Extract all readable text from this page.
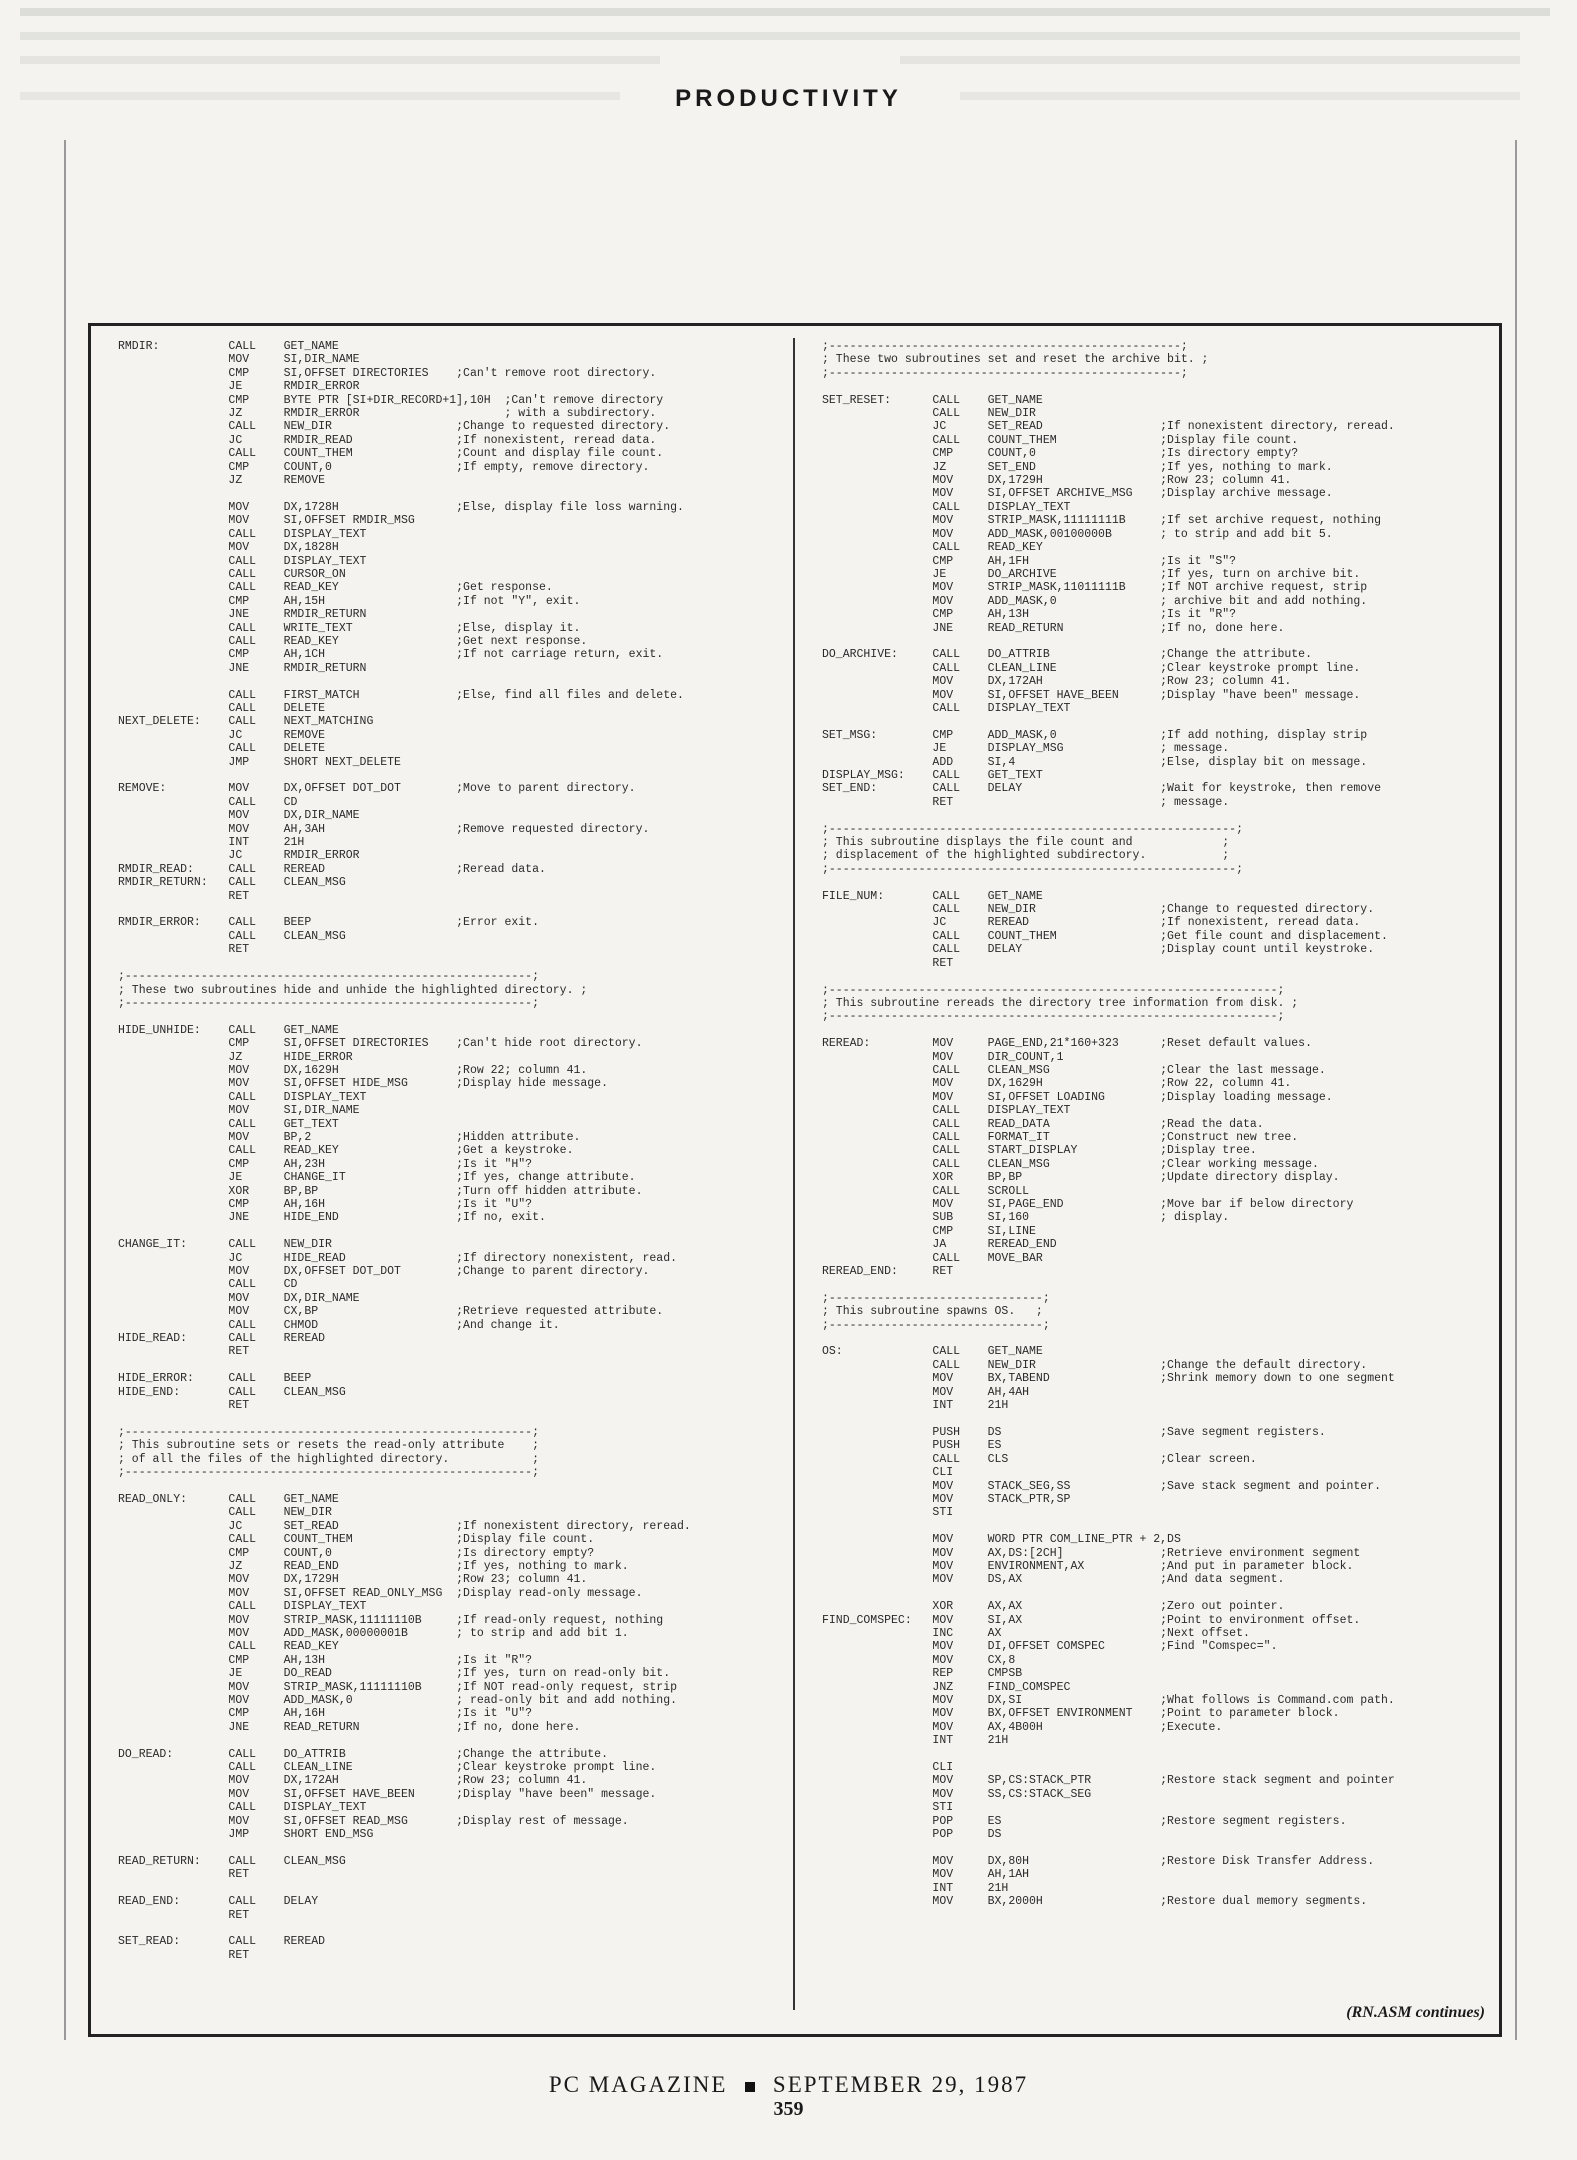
PRODUCTIVITY
RMDIR:          CALL    GET_NAME
MOV     SI,DIR_NAME
CMP     SI,OFFSET DIRECTORIES    ;Can't remove root directory.
JE      RMDIR_ERROR
CMP     BYTE PTR [SI+DIR_RECORD+1],10H  ;Can't remove directory
JZ      RMDIR_ERROR                     ; with a subdirectory.
CALL    NEW_DIR                  ;Change to requested directory.
JC      RMDIR_READ               ;If nonexistent, reread data.
CALL    COUNT_THEM               ;Count and display file count.
CMP     COUNT,0                  ;If empty, remove directory.
JZ      REMOVE

MOV     DX,1728H                 ;Else, display file loss warning.
MOV     SI,OFFSET RMDIR_MSG
CALL    DISPLAY_TEXT
MOV     DX,1828H
CALL    DISPLAY_TEXT
CALL    CURSOR_ON
CALL    READ_KEY                 ;Get response.
CMP     AH,15H                   ;If not "Y", exit.
JNE     RMDIR_RETURN
CALL    WRITE_TEXT               ;Else, display it.
CALL    READ_KEY                 ;Get next response.
CMP     AH,1CH                   ;If not carriage return, exit.
JNE     RMDIR_RETURN

CALL    FIRST_MATCH              ;Else, find all files and delete.
CALL    DELETE
NEXT_DELETE:    CALL    NEXT_MATCHING
JC      REMOVE
CALL    DELETE
JMP     SHORT NEXT_DELETE

REMOVE:         MOV     DX,OFFSET DOT_DOT        ;Move to parent directory.
CALL    CD
MOV     DX,DIR_NAME
MOV     AH,3AH                   ;Remove requested directory.
INT     21H
JC      RMDIR_ERROR
RMDIR_READ:     CALL    REREAD                   ;Reread data.
RMDIR_RETURN:   CALL    CLEAN_MSG
RET

RMDIR_ERROR:    CALL    BEEP                     ;Error exit.
CALL    CLEAN_MSG
RET

;-----------------------------------------------------------;
; These two subroutines hide and unhide the highlighted directory. ;
;-----------------------------------------------------------;

HIDE_UNHIDE:    CALL    GET_NAME
CMP     SI,OFFSET DIRECTORIES    ;Can't hide root directory.
JZ      HIDE_ERROR
MOV     DX,1629H                 ;Row 22; column 41.
MOV     SI,OFFSET HIDE_MSG       ;Display hide message.
CALL    DISPLAY_TEXT
MOV     SI,DIR_NAME
CALL    GET_TEXT
MOV     BP,2                     ;Hidden attribute.
CALL    READ_KEY                 ;Get a keystroke.
CMP     AH,23H                   ;Is it "H"?
JE      CHANGE_IT                ;If yes, change attribute.
XOR     BP,BP                    ;Turn off hidden attribute.
CMP     AH,16H                   ;Is it "U"?
JNE     HIDE_END                 ;If no, exit.

CHANGE_IT:      CALL    NEW_DIR
JC      HIDE_READ                ;If directory nonexistent, read.
MOV     DX,OFFSET DOT_DOT        ;Change to parent directory.
CALL    CD
MOV     DX,DIR_NAME
MOV     CX,BP                    ;Retrieve requested attribute.
CALL    CHMOD                    ;And change it.
HIDE_READ:      CALL    REREAD
RET

HIDE_ERROR:     CALL    BEEP
HIDE_END:       CALL    CLEAN_MSG
RET

;-----------------------------------------------------------;
; This subroutine sets or resets the read-only attribute    ;
; of all the files of the highlighted directory.            ;
;-----------------------------------------------------------;

READ_ONLY:      CALL    GET_NAME
CALL    NEW_DIR
JC      SET_READ                 ;If nonexistent directory, reread.
CALL    COUNT_THEM               ;Display file count.
CMP     COUNT,0                  ;Is directory empty?
JZ      READ_END                 ;If yes, nothing to mark.
MOV     DX,1729H                 ;Row 23; column 41.
MOV     SI,OFFSET READ_ONLY_MSG  ;Display read-only message.
CALL    DISPLAY_TEXT
MOV     STRIP_MASK,11111110B     ;If read-only request, nothing
MOV     ADD_MASK,00000001B       ; to strip and add bit 1.
CALL    READ_KEY
CMP     AH,13H                   ;Is it "R"?
JE      DO_READ                  ;If yes, turn on read-only bit.
MOV     STRIP_MASK,11111110B     ;If NOT read-only request, strip
MOV     ADD_MASK,0               ; read-only bit and add nothing.
CMP     AH,16H                   ;Is it "U"?
JNE     READ_RETURN              ;If no, done here.

DO_READ:        CALL    DO_ATTRIB                ;Change the attribute.
CALL    CLEAN_LINE               ;Clear keystroke prompt line.
MOV     DX,172AH                 ;Row 23; column 41.
MOV     SI,OFFSET HAVE_BEEN      ;Display "have been" message.
CALL    DISPLAY_TEXT
MOV     SI,OFFSET READ_MSG       ;Display rest of message.
JMP     SHORT END_MSG

READ_RETURN:    CALL    CLEAN_MSG
RET

READ_END:       CALL    DELAY
RET

SET_READ:       CALL    REREAD
RET
;---------------------------------------------------;
; These two subroutines set and reset the archive bit. ;
;---------------------------------------------------;

SET_RESET:      CALL    GET_NAME
CALL    NEW_DIR
JC      SET_READ                 ;If nonexistent directory, reread.
CALL    COUNT_THEM               ;Display file count.
CMP     COUNT,0                  ;Is directory empty?
JZ      SET_END                  ;If yes, nothing to mark.
MOV     DX,1729H                 ;Row 23; column 41.
MOV     SI,OFFSET ARCHIVE_MSG    ;Display archive message.
CALL    DISPLAY_TEXT
MOV     STRIP_MASK,11111111B     ;If set archive request, nothing
MOV     ADD_MASK,00100000B       ; to strip and add bit 5.
CALL    READ_KEY
CMP     AH,1FH                   ;Is it "S"?
JE      DO_ARCHIVE               ;If yes, turn on archive bit.
MOV     STRIP_MASK,11011111B     ;If NOT archive request, strip
MOV     ADD_MASK,0               ; archive bit and add nothing.
CMP     AH,13H                   ;Is it "R"?
JNE     READ_RETURN              ;If no, done here.

DO_ARCHIVE:     CALL    DO_ATTRIB                ;Change the attribute.
CALL    CLEAN_LINE               ;Clear keystroke prompt line.
MOV     DX,172AH                 ;Row 23; column 41.
MOV     SI,OFFSET HAVE_BEEN      ;Display "have been" message.
CALL    DISPLAY_TEXT

SET_MSG:        CMP     ADD_MASK,0               ;If add nothing, display strip
JE      DISPLAY_MSG              ; message.
ADD     SI,4                     ;Else, display bit on message.
DISPLAY_MSG:    CALL    GET_TEXT
SET_END:        CALL    DELAY                    ;Wait for keystroke, then remove
RET                              ; message.

;-----------------------------------------------------------;
; This subroutine displays the file count and             ;
; displacement of the highlighted subdirectory.           ;
;-----------------------------------------------------------;

FILE_NUM:       CALL    GET_NAME
CALL    NEW_DIR                  ;Change to requested directory.
JC      REREAD                   ;If nonexistent, reread data.
CALL    COUNT_THEM               ;Get file count and displacement.
CALL    DELAY                    ;Display count until keystroke.
RET

;-----------------------------------------------------------------;
; This subroutine rereads the directory tree information from disk. ;
;-----------------------------------------------------------------;

REREAD:         MOV     PAGE_END,21*160+323      ;Reset default values.
MOV     DIR_COUNT,1
CALL    CLEAN_MSG                ;Clear the last message.
MOV     DX,1629H                 ;Row 22, column 41.
MOV     SI,OFFSET LOADING        ;Display loading message.
CALL    DISPLAY_TEXT
CALL    READ_DATA                ;Read the data.
CALL    FORMAT_IT                ;Construct new tree.
CALL    START_DISPLAY            ;Display tree.
CALL    CLEAN_MSG                ;Clear working message.
XOR     BP,BP                    ;Update directory display.
CALL    SCROLL
MOV     SI,PAGE_END              ;Move bar if below directory
SUB     SI,160                   ; display.
CMP     SI,LINE
JA      REREAD_END
CALL    MOVE_BAR
REREAD_END:     RET

;-------------------------------;
; This subroutine spawns OS.   ;
;-------------------------------;

OS:             CALL    GET_NAME
CALL    NEW_DIR                  ;Change the default directory.
MOV     BX,TABEND                ;Shrink memory down to one segment
MOV     AH,4AH
INT     21H

PUSH    DS                       ;Save segment registers.
PUSH    ES
CALL    CLS                      ;Clear screen.
CLI
MOV     STACK_SEG,SS             ;Save stack segment and pointer.
MOV     STACK_PTR,SP
STI

MOV     WORD PTR COM_LINE_PTR + 2,DS
MOV     AX,DS:[2CH]              ;Retrieve environment segment
MOV     ENVIRONMENT,AX           ;And put in parameter block.
MOV     DS,AX                    ;And data segment.

XOR     AX,AX                    ;Zero out pointer.
FIND_COMSPEC:   MOV     SI,AX                    ;Point to environment offset.
INC     AX                       ;Next offset.
MOV     DI,OFFSET COMSPEC        ;Find "Comspec=".
MOV     CX,8
REP     CMPSB
JNZ     FIND_COMSPEC
MOV     DX,SI                    ;What follows is Command.com path.
MOV     BX,OFFSET ENVIRONMENT    ;Point to parameter block.
MOV     AX,4B00H                 ;Execute.
INT     21H

CLI
MOV     SP,CS:STACK_PTR          ;Restore stack segment and pointer
MOV     SS,CS:STACK_SEG
STI
POP     ES                       ;Restore segment registers.
POP     DS

MOV     DX,80H                   ;Restore Disk Transfer Address.
MOV     AH,1AH
INT     21H
MOV     BX,2000H                 ;Restore dual memory segments.
(RN.ASM continues)
PC MAGAZINE SEPTEMBER 29, 1987
359
